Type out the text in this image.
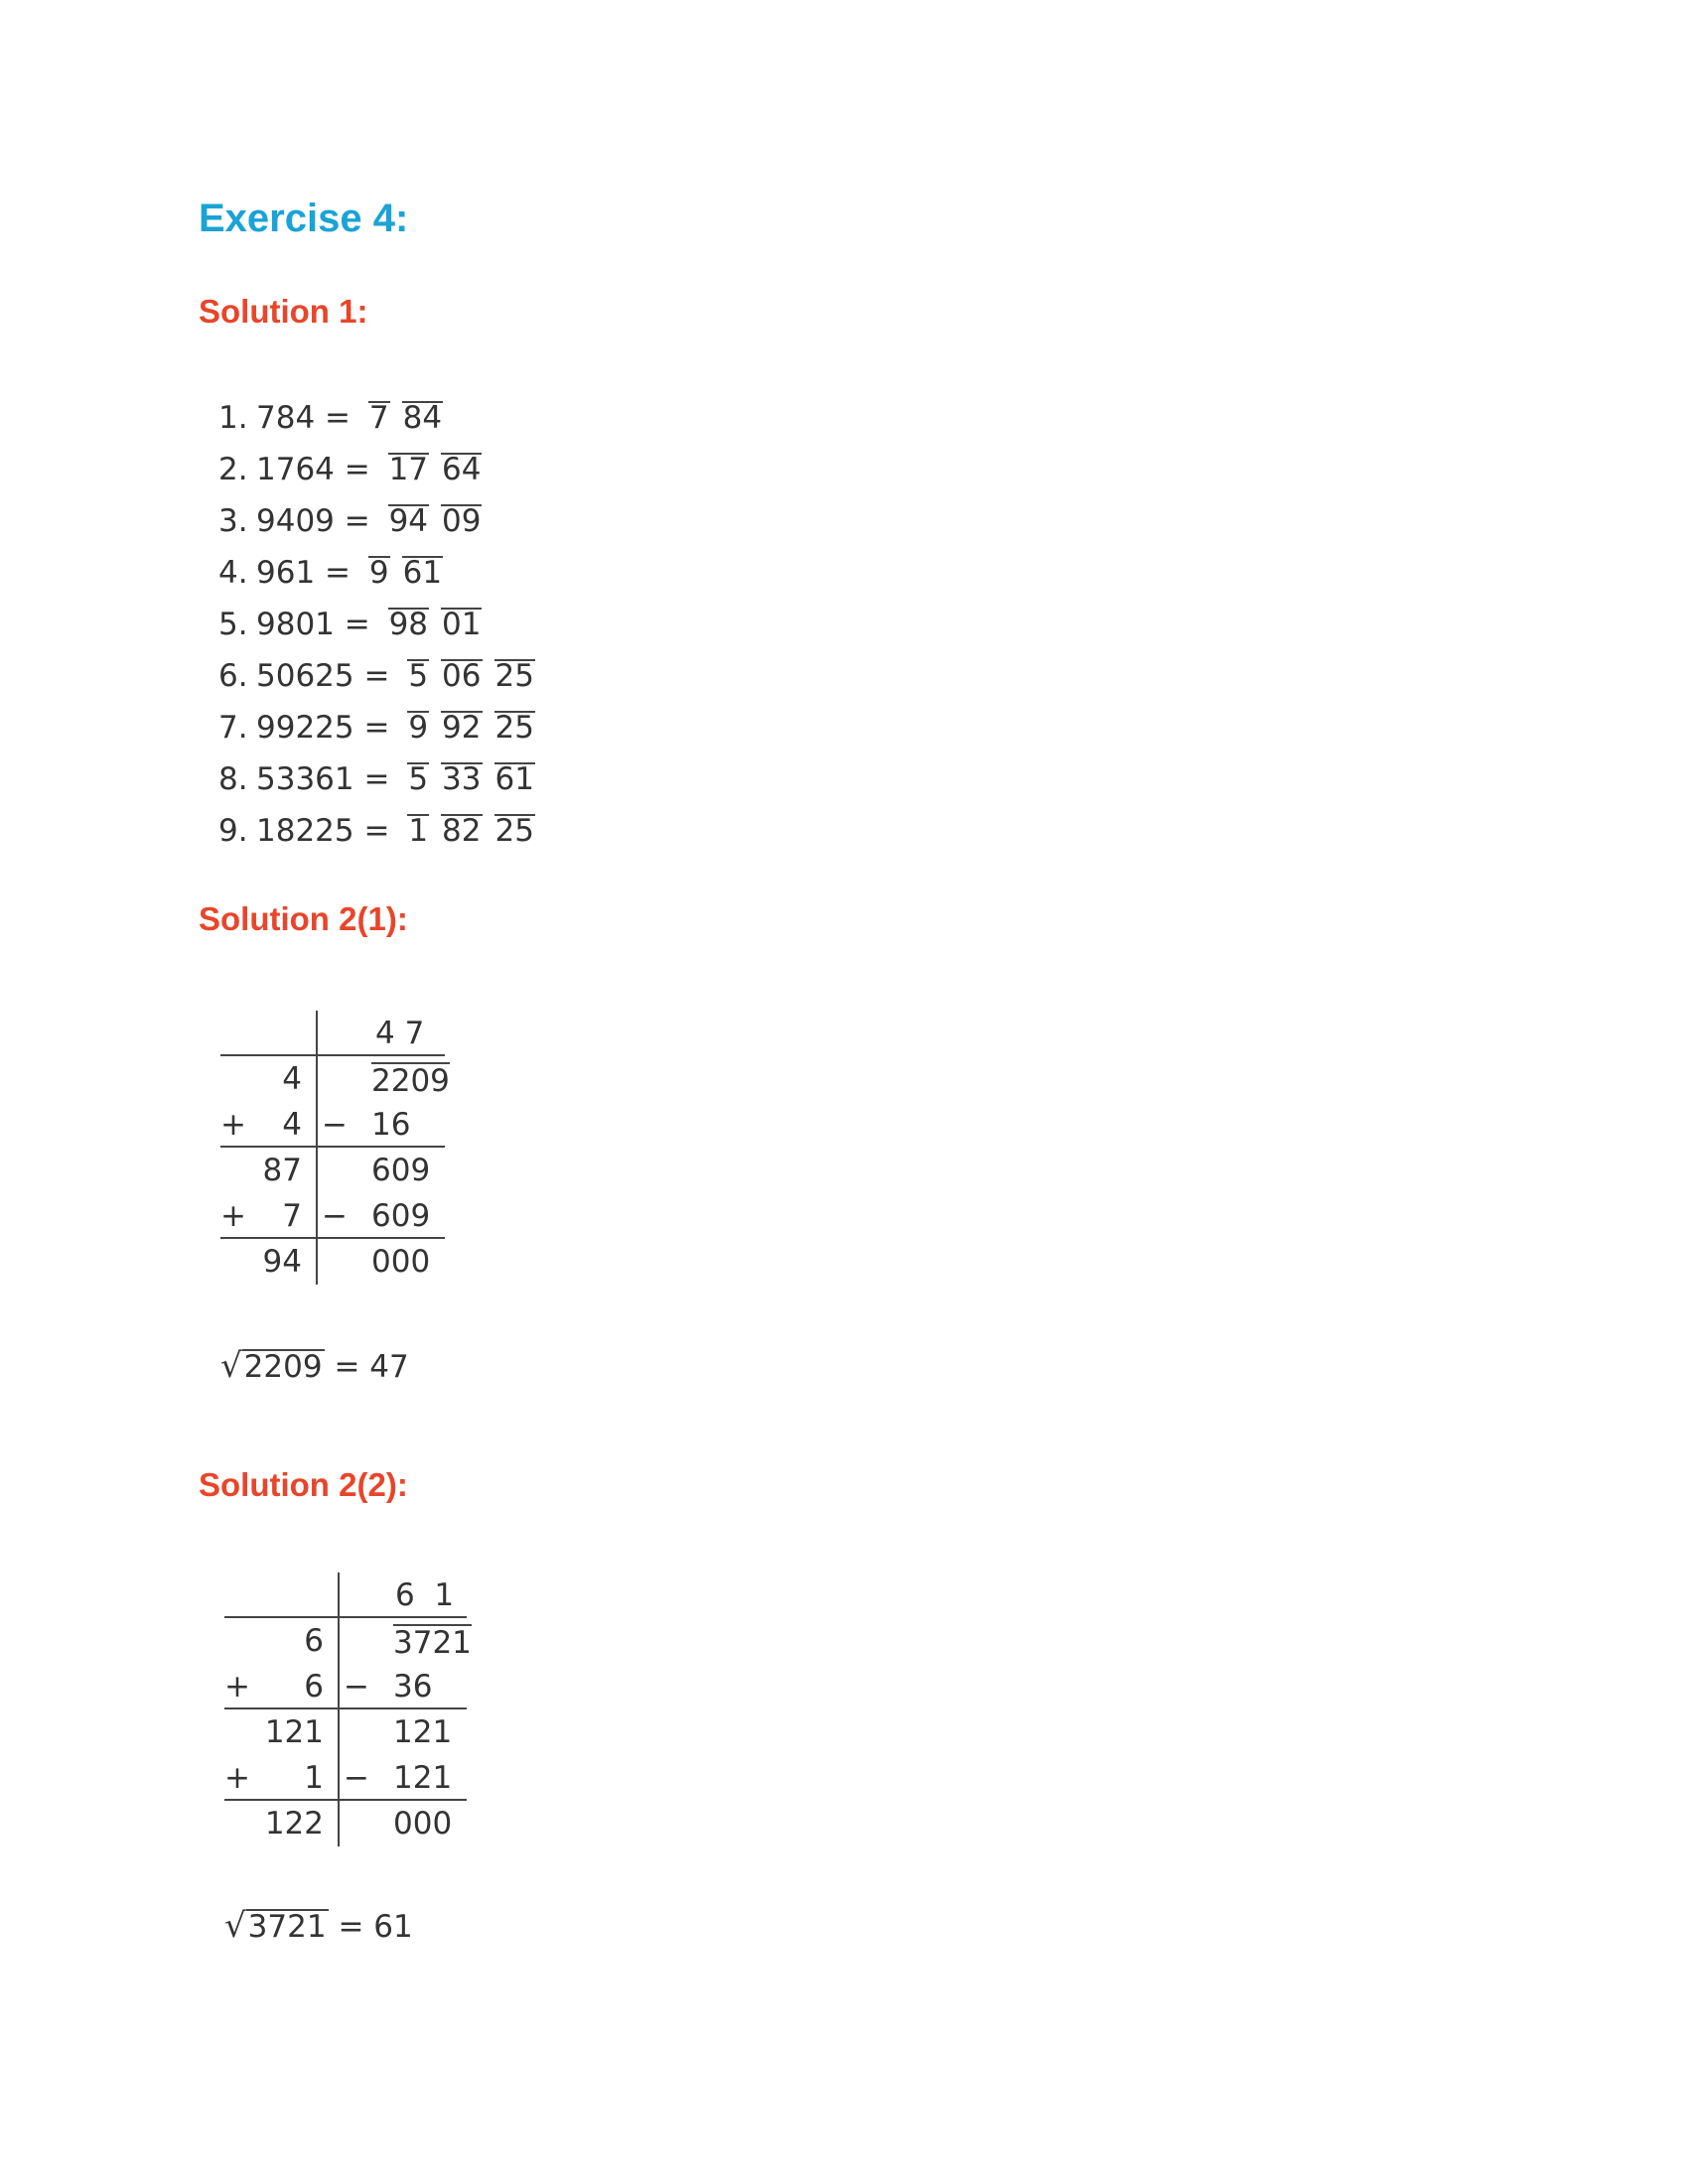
Exercise 4:
Solution 1:
1. 784 = 7 84
2. 1764 = 17 64
3. 9409 = 94 09
4. 961 = 9 61
5. 9801 = 98 01
6. 50625 = 5 06 25
7. 99225 = 9 92 25
8. 53361 = 5 33 61
9. 18225 = 1 82 25
Solution 2(1):
4 7
4 2209
+	4 − 16
87 609
+	7 − 609
94 000
√2209 = 47
Solution 2(2):
6  1
6 3721
+	6 − 36
121 121
+	1 − 121
122 000
√3721 = 61
